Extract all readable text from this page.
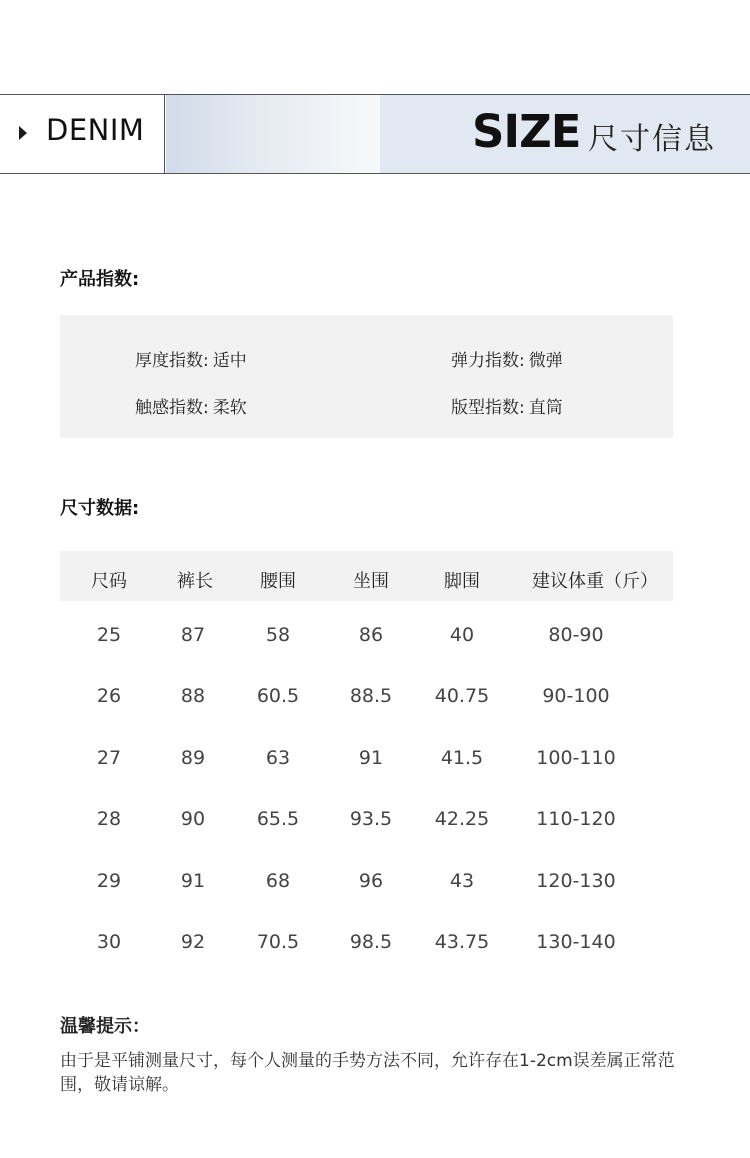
DENIM	SIZE 尺寸信息
产品指数:
厚度指数: 适中	弹力指数: 微弹
触感指数: 柔软	版型指数: 直筒
尺寸数据:
尺码	裤长	腰围	坐围	脚围	建议体重（斤）
25	87	58	86	40	80-90
26	88	60.5	88.5	40.75	90-100
27	89	63	91	41.5	100-110
28	90	65.5	93.5	42.25	110-120
29	91	68	96	43	120-130
30	92	70.5	98.5	43.75	130-140
温馨提示：
由于是平铺测量尺寸，每个人测量的手势方法不同，允许存在1-2cm误差属正常范围，敬请谅解。
